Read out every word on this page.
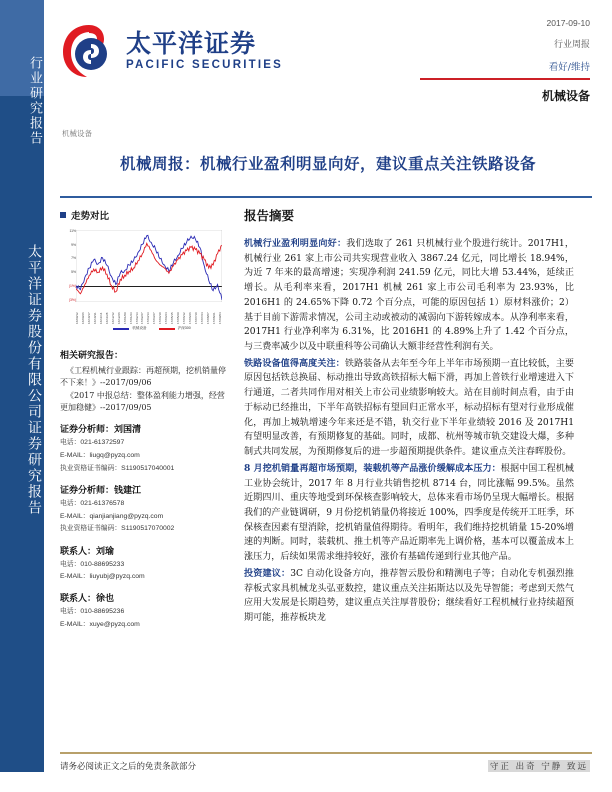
行业研究报告
太平洋证券股份有限公司证券研究报告
太平洋证券
PACIFIC SECURITIES
2017-09-10
行业周报
看好/维持
机械设备
机械设备
机械周报：机械行业盈利明显向好，建议重点关注铁路设备
走势对比
11%
9%
7%
5%
(1%)
(3%)
16/09/12 16/09/26 16/10/17 16/10/31 16/11/14 16/11/28 16/12/12 16/12/26 17/01/09 17/01/23 17/02/13 17/02/27 17/03/13 17/03/27 17/04/10 17/04/24 17/05/15 17/05/29 17/06/12 17/06/26 17/07/10 17/07/24 17/08/07 17/08/21 17/09/04
机械设备	沪深300
相关研究报告：
《工程机械行业跟踪：再超预期，挖机销量停不下来！》--2017/09/06
《2017 中报总结：整体盈利能力增强，经营更加稳健》--2017/09/05
证券分析师：刘国清
电话：021-61372597
E-MAIL：liugq@pyzq.com
执业资格证书编码：S1190517040001
证券分析师：钱建江
电话：021-61376578
E-MAIL：qianjianjiang@pyzq.com
执业资格证书编码：S1190517070002
联系人：刘瑜
电话：010-88695233
E-MAIL：liuyubj@pyzq.com
联系人：徐也
电话：010-88695236
E-MAIL：xuye@pyzq.com
报告摘要

机械行业盈利明显向好：我们选取了 261 只机械行业个股进行统计。2017H1，机械行业 261 家上市公司共实现营业收入 3867.24 亿元，同比增长 18.94%，为近 7 年来的最高增速；实现净利润 241.59 亿元，同比大增 53.44%，延续正增长。从毛利率来看，2017H1 机械 261 家上市公司毛利率为 23.93%，比 2016H1 的 24.65%下降 0.72 个百分点，可能的原因包括 1）原材料涨价；2）基于目前下游需求情况，公司主动或被动的减弱向下游转嫁成本。从净利率来看，2017H1 行业净利率为 6.31%，比 2016H1 的 4.89%上升了 1.42 个百分点，与三费率减少以及中联重科等公司确认大额非经营性利润有关。

铁路设备值得高度关注：铁路装备从去年至今年上半年市场预期一直比较低，主要原因包括铁总换届、标动推出导致高铁招标大幅下滑，再加上普铁行业增速进入下行通道，二者共同作用对相关上市公司业绩影响较大。站在目前时间点看，由于由于标动已经推出，下半年高铁招标有望回归正常水平，标动招标有望对行业形成催化，再加上城轨增速今年来还是不错，轨交行业下半年业绩较 2016 及 2017H1 有望明显改善，有预期修复的基础。同时，成都、杭州等城市轨交建设大爆，多种制式共同发展，为预期修复后的进一步超预期提供条件。建议重点关注春晖股份。

8 月挖机销量再超市场预期，装载机等产品涨价缓解成本压力：根据中国工程机械工业协会统计，2017 年 8 月行业共销售挖机 8714 台，同比涨幅 99.5%。虽然近期四川、重庆等地受到环保核查影响较大，总体来看市场仍呈现大幅增长。根据我们的产业链调研，9 月份挖机销量仍将接近 100%，四季度是传统开工旺季，环保核查因素有望消除，挖机销量值得期待。看明年，我们维持挖机销量 15-20%增速的判断。同时，装载机、推土机等产品近期率先上调价格，基本可以覆盖成本上涨压力，后续如果需求维持较好，涨价有基础传递到行业其他产品。

投资建议：3C 自动化设备方向，推荐智云股份和精测电子等；自动化专机强烈推荐板式家具机械龙头弘亚数控，建议重点关注拓斯达以及先导智能；考虑到天然气应用大发展是长期趋势，建议重点关注厚普股份；继续看好工程机械行业持续超预期可能，推荐板块龙

请务必阅读正文之后的免责条款部分	守正 出奇 宁静 致远
